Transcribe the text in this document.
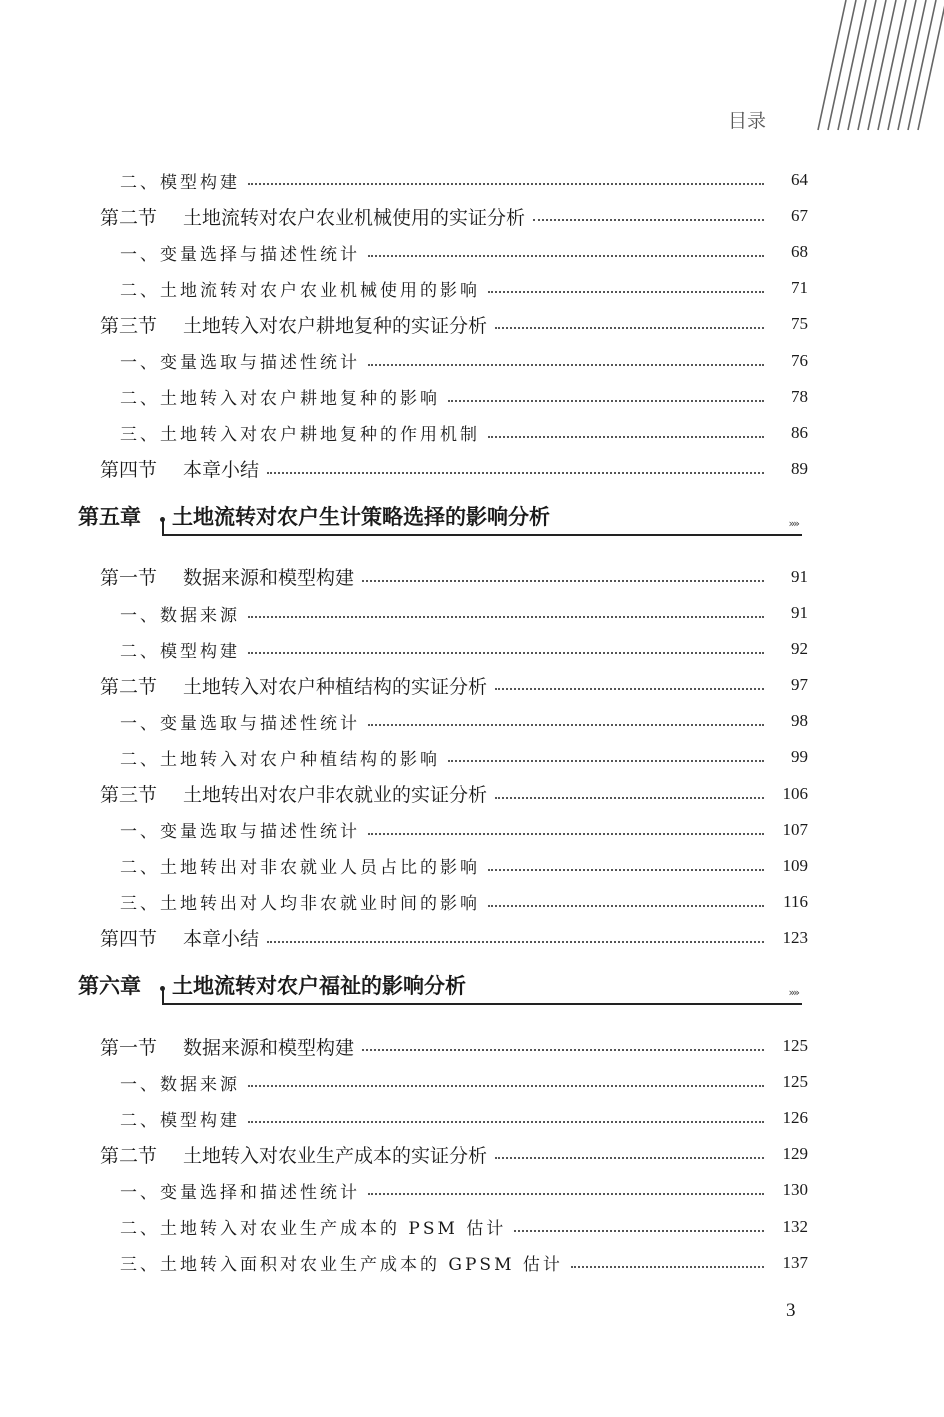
目录
二、模型构建	64
第二节 土地流转对农户农业机械使用的实证分析	67
一、变量选择与描述性统计	68
二、土地流转对农户农业机械使用的影响	71
第三节 土地转入对农户耕地复种的实证分析	75
一、变量选取与描述性统计	76
二、土地转入对农户耕地复种的影响	78
三、土地转入对农户耕地复种的作用机制	86
第四节 本章小结	89
第五章 土地流转对农户生计策略选择的影响分析	»»
第一节 数据来源和模型构建	91
一、数据来源	91
二、模型构建	92
第二节 土地转入对农户种植结构的实证分析	97
一、变量选取与描述性统计	98
二、土地转入对农户种植结构的影响	99
第三节 土地转出对农户非农就业的实证分析	106
一、变量选取与描述性统计	107
二、土地转出对非农就业人员占比的影响	109
三、土地转出对人均非农就业时间的影响	116
第四节 本章小结	123
第六章 土地流转对农户福祉的影响分析	»»
第一节 数据来源和模型构建	125
一、数据来源	125
二、模型构建	126
第二节 土地转入对农业生产成本的实证分析	129
一、变量选择和描述性统计	130
二、土地转入对农业生产成本的 PSM 估计	132
三、土地转入面积对农业生产成本的 GPSM 估计	137
3
